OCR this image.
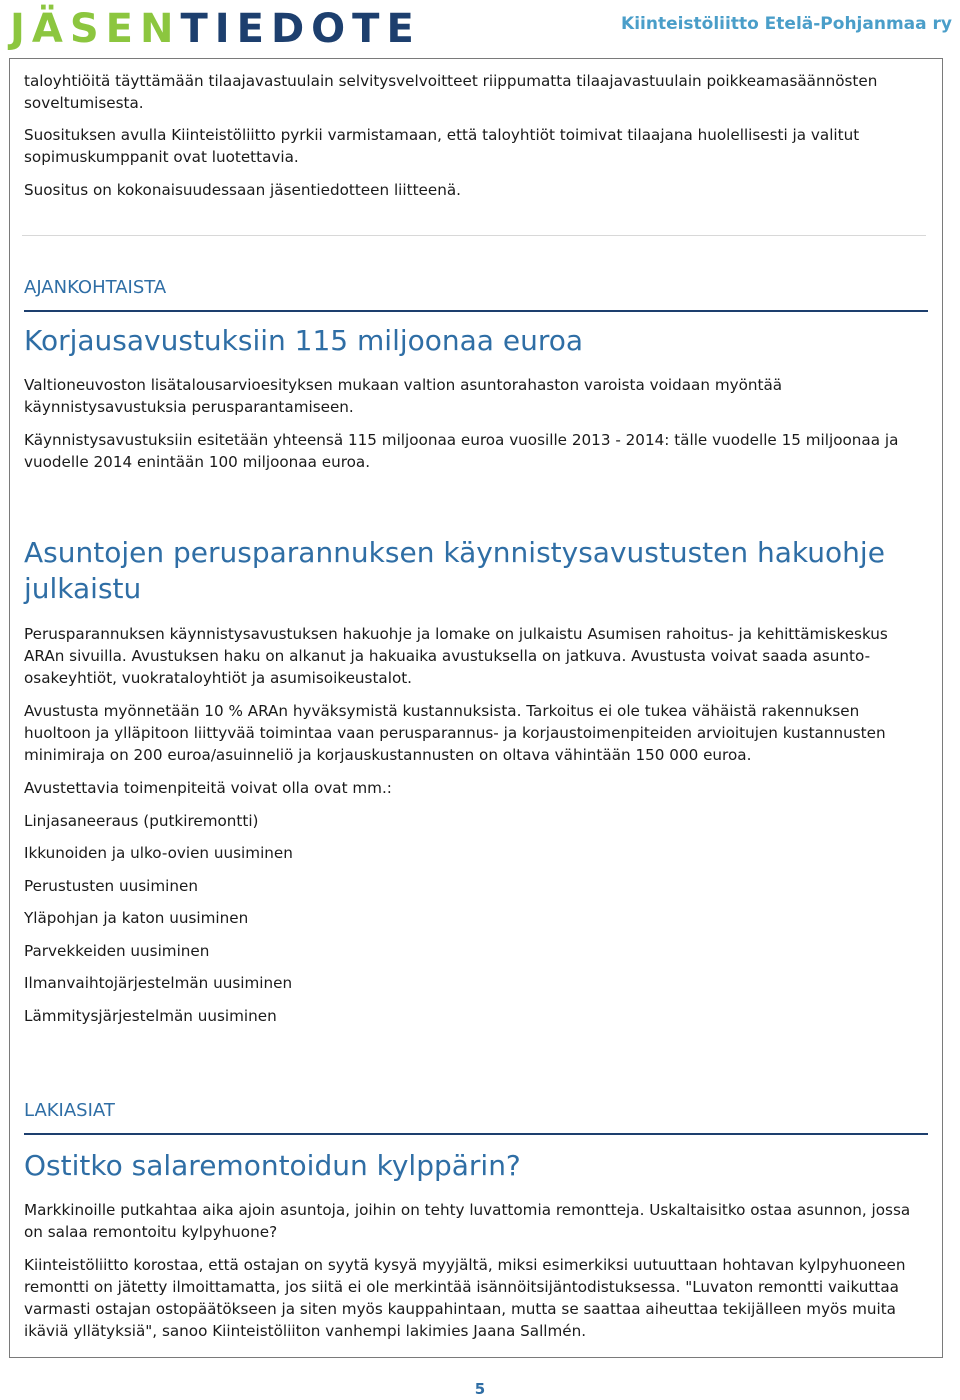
JÄSENTIEDOTE	Kiinteistöliitto Etelä-Pohjanmaa ry

taloyhtiöitä täyttämään tilaajavastuulain selvitysvelvoitteet riippumatta tilaajavastuulain poikkeamasäännösten soveltumisesta.

Suosituksen avulla Kiinteistöliitto pyrkii varmistamaan, että taloyhtiöt toimivat tilaajana huolellisesti ja valitut sopimuskumppanit ovat luotettavia.

Suositus on kokonaisuudessaan jäsentiedotteen liitteenä.

AJANKOHTAISTA
Korjausavustuksiin 115 miljoonaa euroa

Valtioneuvoston lisätalousarvioesityksen mukaan valtion asuntorahaston varoista voidaan myöntää käynnistysavustuksia perusparantamiseen.

Käynnistysavustuksiin esitetään yhteensä 115 miljoonaa euroa vuosille 2013 - 2014: tälle vuodelle 15 miljoonaa ja vuodelle 2014 enintään 100 miljoonaa euroa.

Asuntojen perusparannuksen käynnistysavustusten hakuohje julkaistu

Perusparannuksen käynnistysavustuksen hakuohje ja lomake on julkaistu Asumisen rahoitus- ja kehittämiskeskus ARAn sivuilla. Avustuksen haku on alkanut ja hakuaika avustuksella on jatkuva. Avustusta voivat saada asunto-osakeyhtiöt, vuokrataloyhtiöt ja asumisoikeustalot.

Avustusta myönnetään 10 % ARAn hyväksymistä kustannuksista. Tarkoitus ei ole tukea vähäistä rakennuksen huoltoon ja ylläpitoon liittyvää toimintaa vaan perusparannus- ja korjaustoimenpiteiden arvioitujen kustannusten minimiraja on 200 euroa/asuinneliö ja korjauskustannusten on oltava vähintään 150 000 euroa.

Avustettavia toimenpiteitä voivat olla ovat mm.:

Linjasaneeraus (putkiremontti)
Ikkunoiden ja ulko-ovien uusiminen
Perustusten uusiminen
Yläpohjan ja katon uusiminen
Parvekkeiden uusiminen
Ilmanvaihtojärjestelmän uusiminen
Lämmitysjärjestelmän uusiminen
LAKIASIAT
Ostitko salaremontoidun kylppärin?

Markkinoille putkahtaa aika ajoin asuntoja, joihin on tehty luvattomia remontteja. Uskaltaisitko ostaa asunnon, jossa on salaa remontoitu kylpyhuone?

Kiinteistöliitto korostaa, että ostajan on syytä kysyä myyjältä, miksi esimerkiksi uutuuttaan hohtavan kylpyhuoneen remontti on jätetty ilmoittamatta, jos siitä ei ole merkintää isännöitsijäntodistuksessa. "Luvaton remontti vaikuttaa varmasti ostajan ostopäätökseen ja siten myös kauppahintaan, mutta se saattaa aiheuttaa tekijälleen myös muita ikäviä yllätyksiä", sanoo Kiinteistöliiton vanhempi lakimies Jaana Sallmén.

5
